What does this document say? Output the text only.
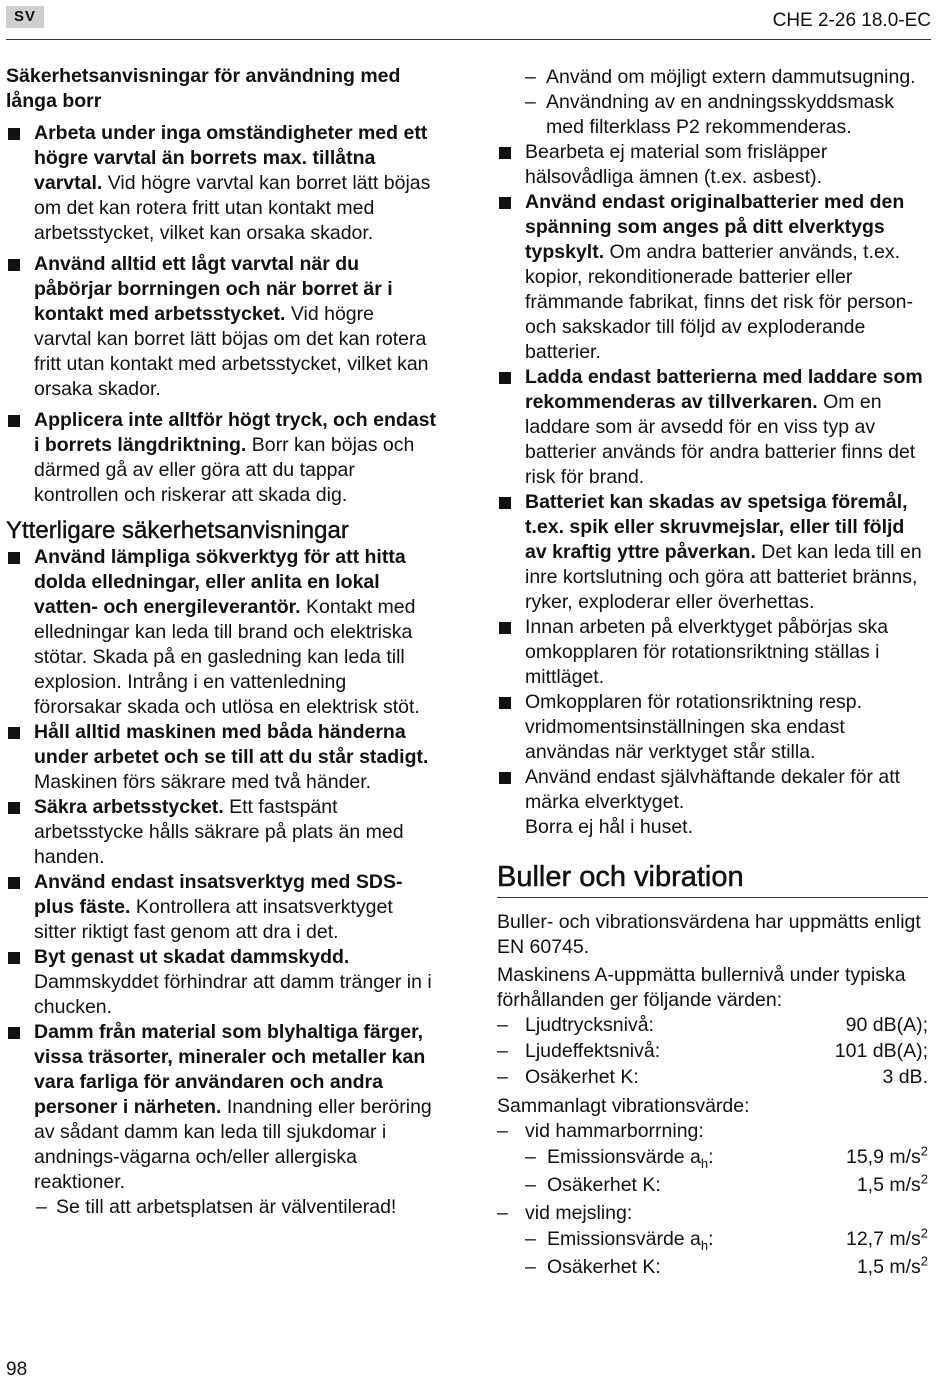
SV	CHE 2-26 18.0-EC

Säkerhetsanvisningar för användning med långa borr

Arbeta under inga omständigheter med ett högre varvtal än borrets max. tillåtna varvtal. Vid högre varvtal kan borret lätt böjas om det kan rotera fritt utan kontakt med arbetsstycket, vilket kan orsaka skador.
Använd alltid ett lågt varvtal när du påbörjar borrningen och när borret är i kontakt med arbetsstycket. Vid högre varvtal kan borret lätt böjas om det kan rotera fritt utan kontakt med arbetsstycket, vilket kan orsaka skador.
Applicera inte alltför högt tryck, och endast i borrets längdriktning. Borr kan böjas och därmed gå av eller göra att du tappar kontrollen och riskerar att skada dig.

Ytterligare säkerhetsanvisningar

Använd lämpliga sökverktyg för att hitta dolda elledningar, eller anlita en lokal vatten- och energileverantör. Kontakt med elledningar kan leda till brand och elektriska stötar. Skada på en gasledning kan leda till explosion. Intrång i en vattenledning förorsakar skada och utlösa en elektrisk stöt.
Håll alltid maskinen med båda händerna under arbetet och se till att du står stadigt. Maskinen förs säkrare med två händer.
Säkra arbetsstycket. Ett fastspänt arbetsstycke hålls säkrare på plats än med handen.
Använd endast insatsverktyg med SDS-plus fäste. Kontrollera att insatsverktyget sitter riktigt fast genom att dra i det.
Byt genast ut skadat dammskydd. Dammskyddet förhindrar att damm tränger in i chucken.
Damm från material som blyhaltiga färger, vissa träsorter, mineraler och metaller kan vara farliga för användaren och andra personer i närheten. Inandning eller beröring av sådant damm kan leda till sjukdomar i andnings-vägarna och/eller allergiska reaktioner.
– Se till att arbetsplatsen är välventilerad!
– Använd om möjligt extern dammutsugning.
– Användning av en andningsskyddsmask med filterklass P2 rekommenderas.
Bearbeta ej material som frisläpper hälsovådliga ämnen (t.ex. asbest).
Använd endast originalbatterier med den spänning som anges på ditt elverktygs typskylt. Om andra batterier används, t.ex. kopior, rekonditionerade batterier eller främmande fabrikat, finns det risk för person- och sakskador till följd av exploderande batterier.
Ladda endast batterierna med laddare som rekommenderas av tillverkaren. Om en laddare som är avsedd för en viss typ av batterier används för andra batterier finns det risk för brand.
Batteriet kan skadas av spetsiga föremål, t.ex. spik eller skruvmejslar, eller till följd av kraftig yttre påverkan. Det kan leda till en inre kortslutning och göra att batteriet bränns, ryker, exploderar eller överhettas.
Innan arbeten på elverktyget påbörjas ska omkopplaren för rotationsriktning ställas i mittläget.
Omkopplaren för rotationsriktning resp. vridmomentsinställningen ska endast användas när verktyget står stilla.
Använd endast självhäftande dekaler för att märka elverktyget.
Borra ej hål i huset.

Buller och vibration

Buller- och vibrationsvärdena har uppmätts enligt EN 60745.
Maskinens A-uppmätta bullernivå under typiska förhållanden ger följande värden:
– Ljudtrycksnivå:	90 dB(A);
– Ljudeffektsnivå:	101 dB(A);
– Osäkerhet K:	3 dB.
Sammanlagt vibrationsvärde:
– vid hammarborrning:
– Emissionsvärde $a_h$:	15,9 $m/s^2$
– Osäkerhet K:	1,5 $m/s^2$
– vid mejsling:
– Emissionsvärde $a_h$:	12,7 $m/s^2$
– Osäkerhet K:	1,5 $m/s^2$
98
